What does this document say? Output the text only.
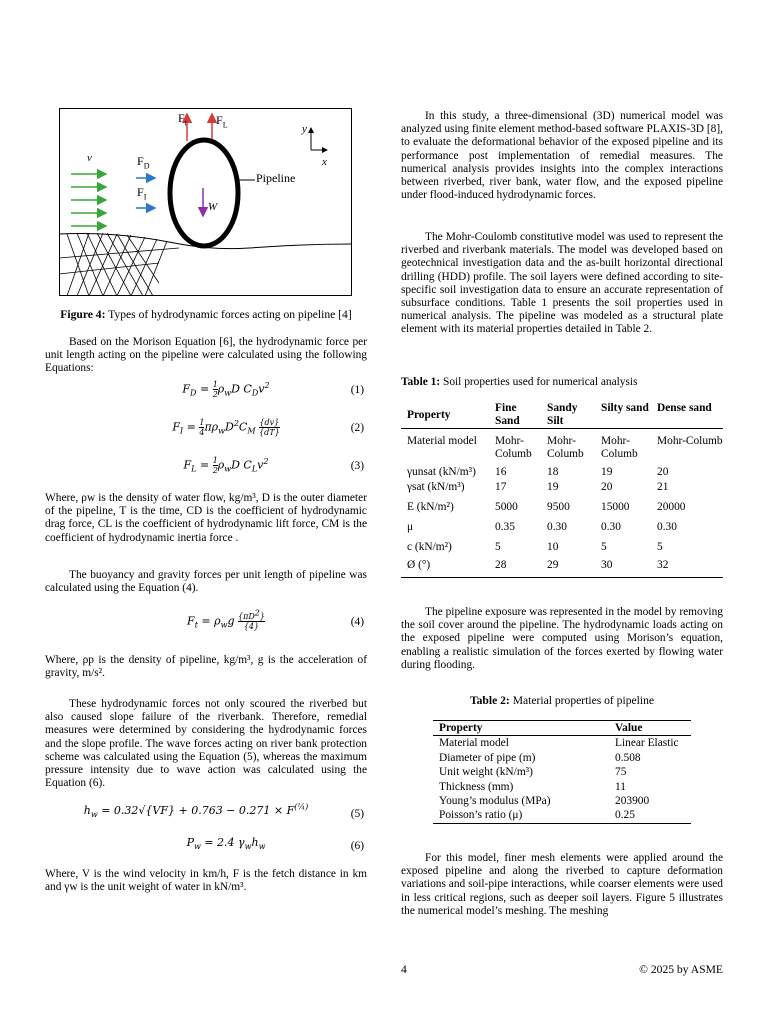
v	$F_D$
$F_I$
$F_t$ $F_L$
W
Pipeline
y
x

Figure 4: Types of hydrodynamic forces acting on pipeline [4]

Based on the Morison Equation [6], the hydrodynamic force per unit length acting on the pipeline were calculated using the following Equations:

$F_D = \frac{1}{2} \rho_wD$ $C_Dv^2$	(1)
$F_I = \frac{1}{4} \pi\rho_wD^2C_M \frac{\{dv\}}{\{dT\}}$	(2)
$F_L = \frac{1}{2} \rho_wD$ $C_Lv^2$	(3)

Where, ρw is the density of water flow, kg/m³, D is the outer diameter of the pipeline, T is the time, CD is the coefficient of hydrodynamic drag force, CL is the coefficient of hydrodynamic lift force, CM is the coefficient of hydrodynamic inertia force .

The buoyancy and gravity forces per unit length of pipeline was calculated using the Equation (4).

$F_t = \rho_wg \frac{\{\pi D^2\}}{\{4\}}$	(4)

Where, ρp is the density of pipeline, kg/m³, g is the acceleration of gravity, m/s².

These hydrodynamic forces not only scoured the riverbed but also caused slope failure of the riverbank. Therefore, remedial measures were determined by considering the hydrodynamic forces and the slope profile. The wave forces acting on river bank protection scheme was calculated using the Equation (5), whereas the maximum pressure intensity due to wave action was calculated using the Equation (6).

$h_w = 0.32√\{VF\} + 0.763 - 0.271 \times F^{(\frac{1}{4})}$
(5)
$P_w = 2.4$ $\gamma_wh_w$	(6)

Where, V is the wind velocity in km/h, F is the fetch distance in km and γw is the unit weight of water in kN/m³.

In this study, a three-dimensional (3D) numerical model was analyzed using finite element method-based software PLAXIS-3D [8], to evaluate the deformational behavior of the exposed pipeline and its performance post implementation of remedial measures. The numerical analysis provides insights into the complex interactions between riverbed, river bank, water flow, and the exposed pipeline under flood-induced hydrodynamic forces.

The Mohr-Coulomb constitutive model was used to represent the riverbed and riverbank materials. The model was developed based on geotechnical investigation data and the as-built horizontal directional drilling (HDD) profile. The soil layers were defined according to site-specific soil investigation data to ensure an accurate representation of subsurface conditions. Table 1 presents the soil properties used in numerical analysis. The pipeline was modeled as a structural plate element with its material properties detailed in Table 2.

Table 1: Soil properties used for numerical analysis

Property	Fine Sand	Sandy Silt	Silty sand	Dense sand
Material model	Mohr-Columb	Mohr-Columb	Mohr-Columb	Mohr-Columb
γunsat (kN/m³)	16	18	19	20
γsat (kN/m³)	17	19	20	21
E (kN/m²)	5000	9500	15000	20000
μ	0.35	0.30	0.30	0.30
c (kN/m²)	5	10	5	5
Ø (°)	28	29	30	32

The pipeline exposure was represented in the model by removing the soil cover around the pipeline. The hydrodynamic loads acting on the exposed pipeline were computed using Morison’s equation, enabling a realistic simulation of the forces exerted by flowing water during flooding.

Table 2: Material properties of pipeline

Property	Value
Material model	Linear Elastic
Diameter of pipe (m)	0.508
Unit weight (kN/m³)	75
Thickness (mm)	11
Young’s modulus (MPa)	203900
Poisson’s ratio (μ)	0.25

For this model, finer mesh elements were applied around the exposed pipeline and along the riverbed to capture deformation variations and soil-pipe interactions, while coarser elements were used in less critical regions, such as deeper soil layers. Figure 5 illustrates the numerical model’s meshing. The meshing

4	© 2025 by ASME
